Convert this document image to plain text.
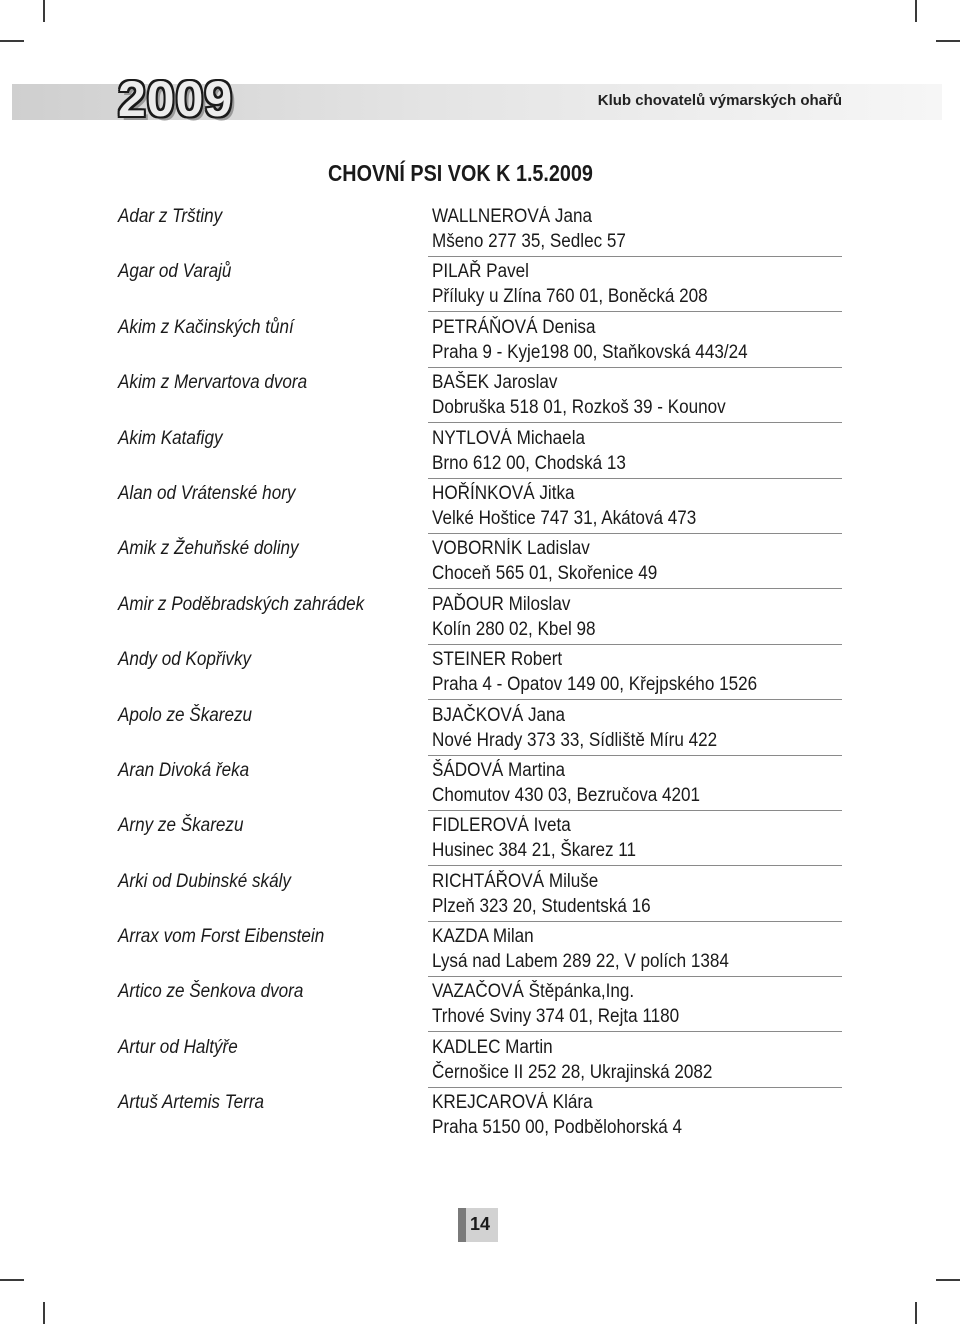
2009	Klub chovatelů výmarských ohařů
CHOVNÍ PSI VOK K 1.5.2009
Adar z Trštiny	WALLNEROVÁ Jana
Mšeno 277 35, Sedlec 57
Agar od Varajů	PILAŘ Pavel
Příluky u Zlína 760 01, Boněcká 208
Akim z Kačinských tůní	PETRÁŇOVÁ Denisa
Praha 9 - Kyje198 00, Staňkovská 443/24
Akim z Mervartova dvora	BAŠEK Jaroslav
Dobruška 518 01, Rozkoš 39 - Kounov
Akim Katafigy	NYTLOVÁ Michaela
Brno 612 00, Chodská 13
Alan od Vrátenské hory	HOŘÍNKOVÁ Jitka
Velké Hoštice 747 31, Akátová 473
Amik z Žehuňské doliny	VOBORNÍK Ladislav
Choceň 565 01, Skořenice 49
Amir z Poděbradských zahrádek	PAĎOUR Miloslav
Kolín 280 02, Kbel 98
Andy od Kopřivky	STEINER Robert
Praha 4 - Opatov 149 00, Křejpského 1526
Apolo ze Škarezu	BJAČKOVÁ Jana
Nové Hrady 373 33, Sídliště Míru 422
Aran Divoká řeka	ŠÁDOVÁ Martina
Chomutov 430 03, Bezručova 4201
Arny ze Škarezu	FIDLEROVÁ Iveta
Husinec 384 21, Škarez 11
Arki od Dubinské skály	RICHTÁŘOVÁ Miluše
Plzeň 323 20, Studentská 16
Arrax vom Forst Eibenstein	KAZDA Milan
Lysá nad Labem 289 22, V polích 1384
Artico ze Šenkova dvora	VAZAČOVÁ Štěpánka,Ing.
Trhové Sviny 374 01, Rejta 1180
Artur od Haltýře	KADLEC Martin
Černošice II 252 28, Ukrajinská 2082
Artuš Artemis Terra	KREJCAROVÁ Klára
Praha 5150 00, Podbělohorská 4
14
